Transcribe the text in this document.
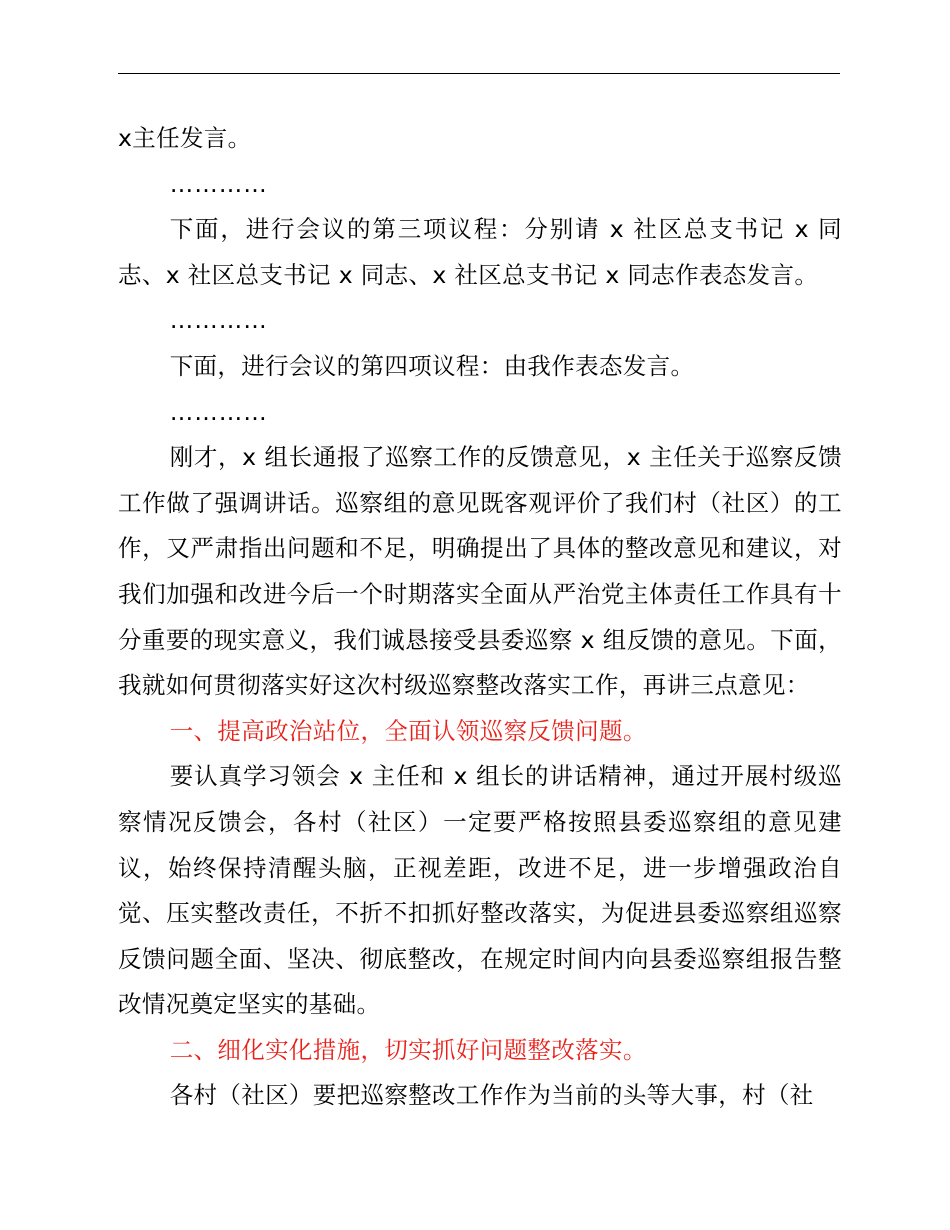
x主任发言。

…………

下面，进行会议的第三项议程：分别请 x 社区总支书记 x 同志、x 社区总支书记 x 同志、x 社区总支书记 x 同志作表态发言。

…………

下面，进行会议的第四项议程：由我作表态发言。

…………

刚才，x 组长通报了巡察工作的反馈意见，x 主任关于巡察反馈工作做了强调讲话。巡察组的意见既客观评价了我们村（社区）的工作，又严肃指出问题和不足，明确提出了具体的整改意见和建议，对我们加强和改进今后一个时期落实全面从严治党主体责任工作具有十分重要的现实意义，我们诚恳接受县委巡察 x 组反馈的意见。下面，我就如何贯彻落实好这次村级巡察整改落实工作，再讲三点意见：

一、提高政治站位，全面认领巡察反馈问题。

要认真学习领会 x 主任和 x 组长的讲话精神，通过开展村级巡察情况反馈会，各村（社区）一定要严格按照县委巡察组的意见建议，始终保持清醒头脑，正视差距，改进不足，进一步增强政治自觉、压实整改责任，不折不扣抓好整改落实，为促进县委巡察组巡察反馈问题全面、坚决、彻底整改，在规定时间内向县委巡察组报告整改情况奠定坚实的基础。

二、细化实化措施，切实抓好问题整改落实。

各村（社区）要把巡察整改工作作为当前的头等大事，村（社
